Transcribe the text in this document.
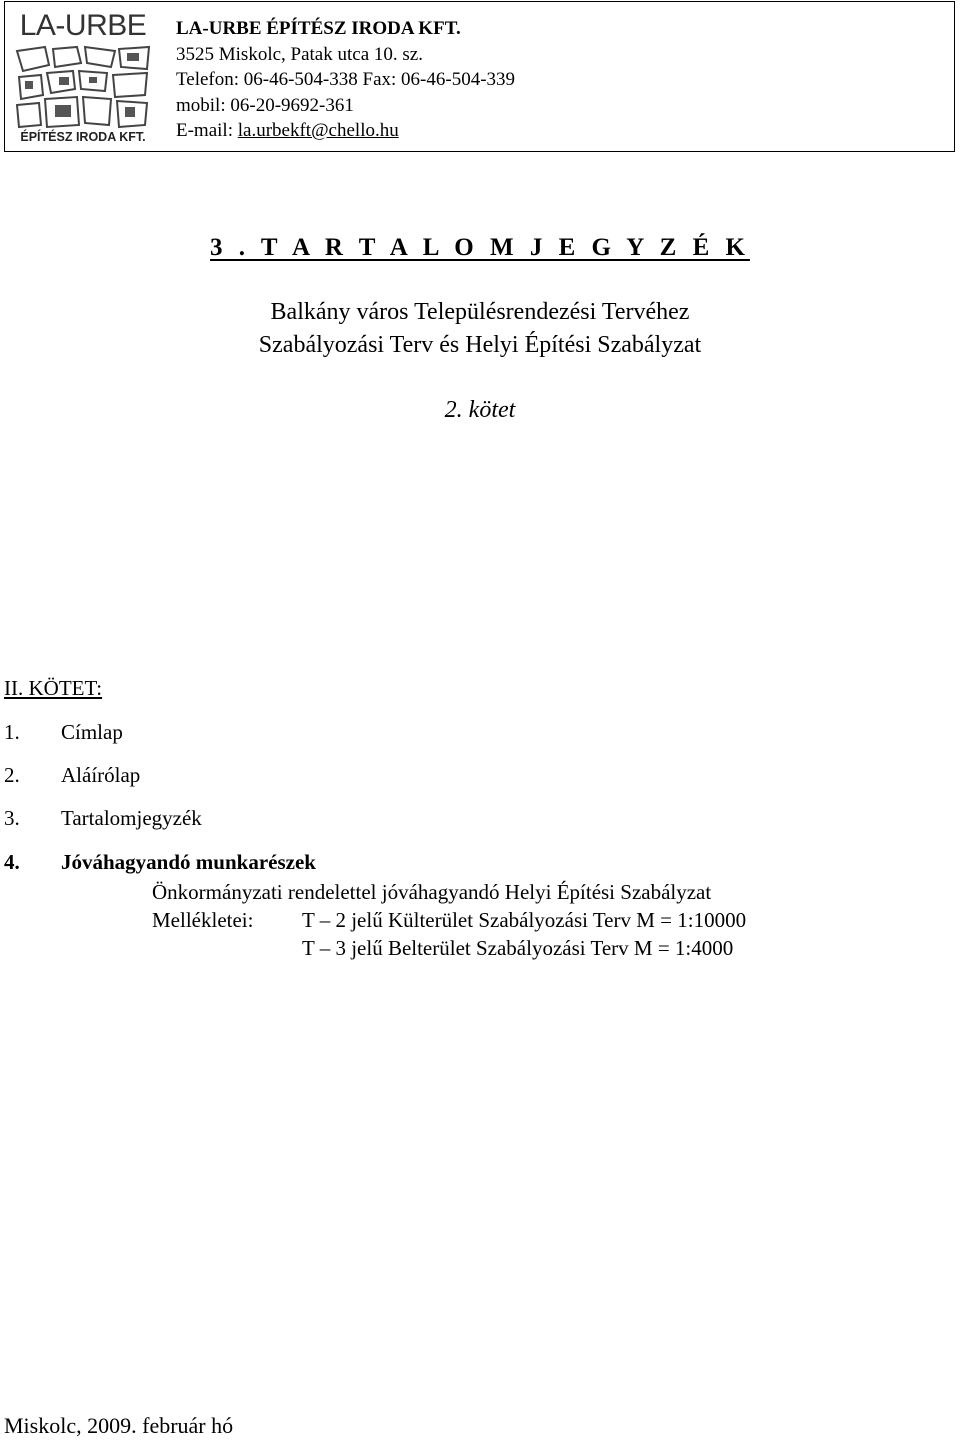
LA-URBE
ÉPÍTÉSZ IRODA KFT.
LA-URBE ÉPÍTÉSZ IRODA KFT.
3525 Miskolc, Patak utca 10. sz.
Telefon: 06-46-504-338 Fax: 06-46-504-339
mobil: 06-20-9692-361
E-mail: la.urbekft@chello.hu
3 . T A R T A L O M J E G Y Z É K
Balkány város Településrendezési Tervéhez
Szabályozási Terv és Helyi Építési Szabályzat
2. kötet
II. KÖTET:
1. Címlap
2. Aláírólap
3. Tartalomjegyzék
4. Jóváhagyandó munkarészek
Önkormányzati rendelettel jóváhagyandó Helyi Építési Szabályzat
Mellékletei: T – 2 jelű Külterület Szabályozási Terv M = 1:10000
T – 3 jelű Belterület Szabályozási Terv M = 1:4000
Miskolc, 2009. február hó
